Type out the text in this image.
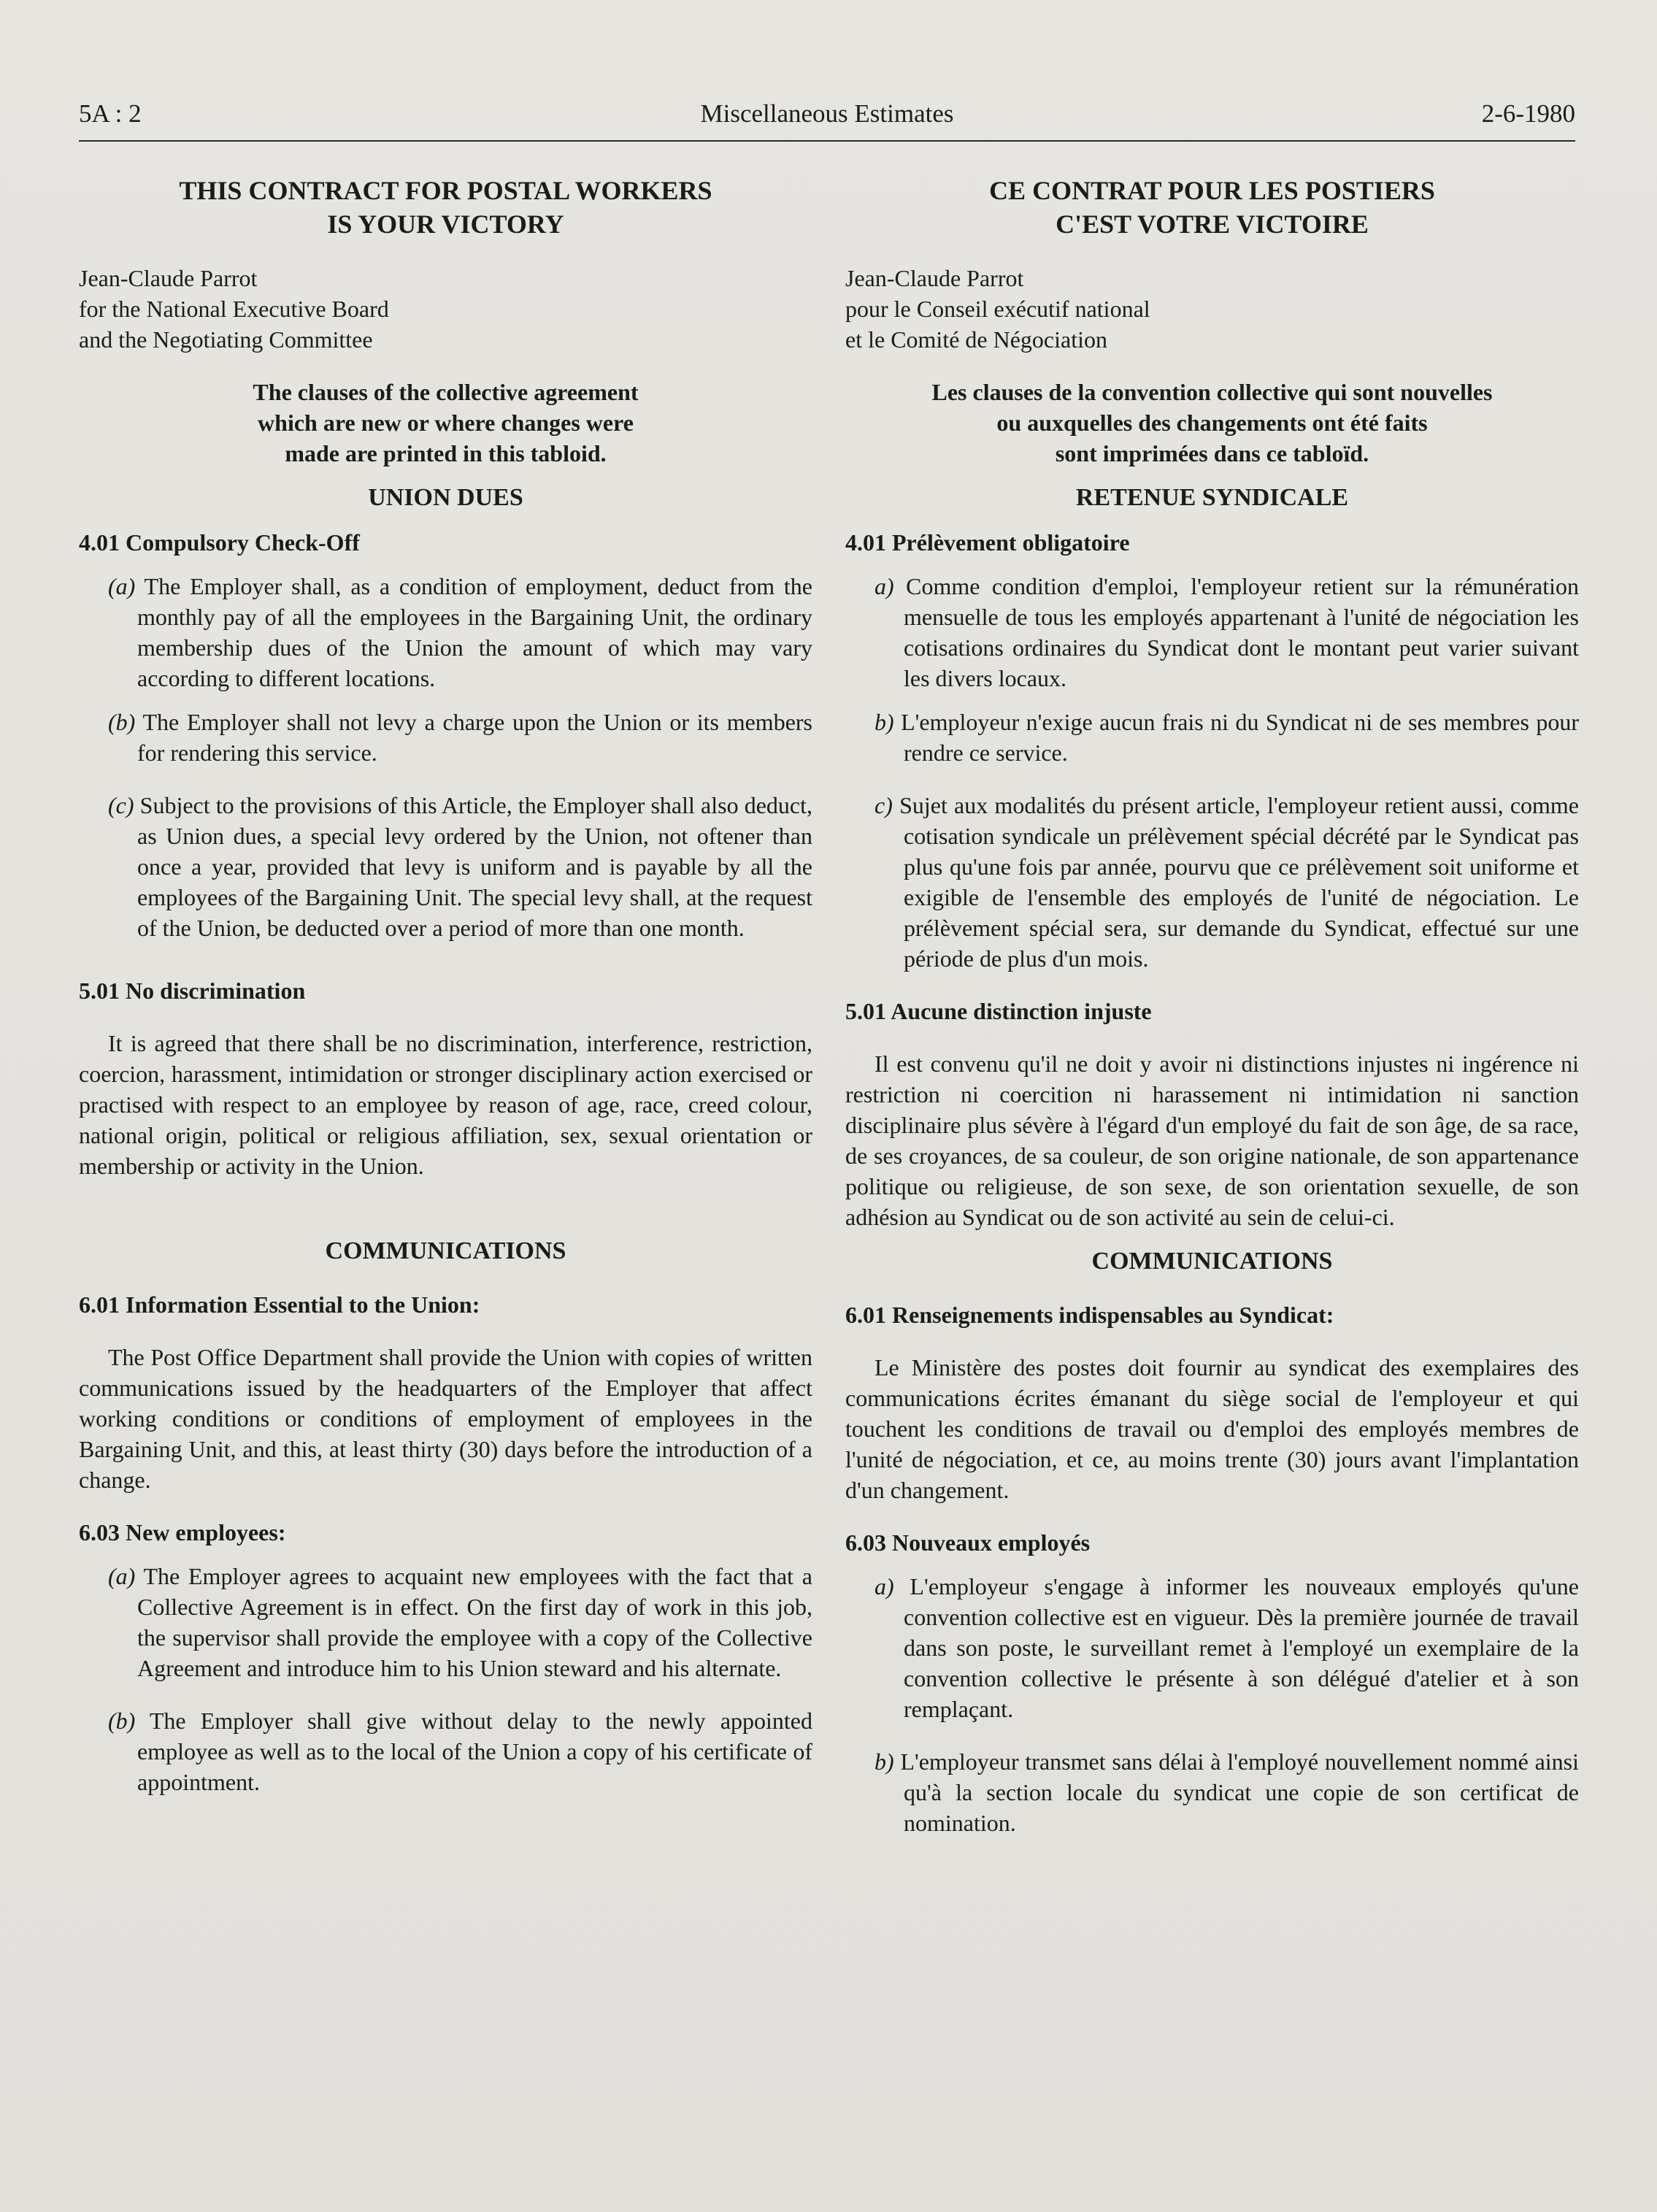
5A : 2	Miscellaneous Estimates	2-6-1980

THIS CONTRACT FOR POSTAL WORKERS

IS YOUR VICTORY

Jean-Claude Parrot

for the National Executive Board

and the Negotiating Committee

The clauses of the collective agreement

which are new or where changes were

made are printed in this tabloid.

UNION DUES

4.01 Compulsory Check-Off

(a) The Employer shall, as a condition of employment, deduct from the monthly pay of all the employees in the Bargaining Unit, the ordinary membership dues of the Union the amount of which may vary according to different locations.

(b) The Employer shall not levy a charge upon the Union or its members for rendering this service.

(c) Subject to the provisions of this Article, the Employer shall also deduct, as Union dues, a special levy ordered by the Union, not oftener than once a year, provided that levy is uniform and is payable by all the employees of the Bargaining Unit. The special levy shall, at the request of the Union, be deducted over a period of more than one month.

5.01 No discrimination

It is agreed that there shall be no discrimination, interference, restriction, coercion, harassment, intimidation or stronger disciplinary action exercised or practised with respect to an employee by reason of age, race, creed colour, national origin, political or religious affiliation, sex, sexual orientation or membership or activity in the Union.

COMMUNICATIONS

6.01 Information Essential to the Union:

The Post Office Department shall provide the Union with copies of written communications issued by the headquarters of the Employer that affect working conditions or conditions of employment of employees in the Bargaining Unit, and this, at least thirty (30) days before the introduction of a change.

6.03 New employees:

(a) The Employer agrees to acquaint new employees with the fact that a Collective Agreement is in effect. On the first day of work in this job, the supervisor shall provide the employee with a copy of the Collective Agreement and introduce him to his Union steward and his alternate.

(b) The Employer shall give without delay to the newly appointed employee as well as to the local of the Union a copy of his certificate of appointment.

CE CONTRAT POUR LES POSTIERS

C'EST VOTRE VICTOIRE

Jean-Claude Parrot

pour le Conseil exécutif national

et le Comité de Négociation

Les clauses de la convention collective qui sont nouvelles

ou auxquelles des changements ont été faits

sont imprimées dans ce tabloïd.

RETENUE SYNDICALE

4.01 Prélèvement obligatoire

a) Comme condition d'emploi, l'employeur retient sur la rémunération mensuelle de tous les employés appartenant à l'unité de négociation les cotisations ordinaires du Syndicat dont le montant peut varier suivant les divers locaux.

b) L'employeur n'exige aucun frais ni du Syndicat ni de ses membres pour rendre ce service.

c) Sujet aux modalités du présent article, l'employeur retient aussi, comme cotisation syndicale un prélèvement spécial décrété par le Syndicat pas plus qu'une fois par année, pourvu que ce prélèvement soit uniforme et exigible de l'ensemble des employés de l'unité de négociation. Le prélèvement spécial sera, sur demande du Syndicat, effectué sur une période de plus d'un mois.

5.01 Aucune distinction injuste

Il est convenu qu'il ne doit y avoir ni distinctions injustes ni ingérence ni restriction ni coercition ni harassement ni intimidation ni sanction disciplinaire plus sévère à l'égard d'un employé du fait de son âge, de sa race, de ses croyances, de sa couleur, de son origine nationale, de son appartenance politique ou religieuse, de son sexe, de son orientation sexuelle, de son adhésion au Syndicat ou de son activité au sein de celui-ci.

COMMUNICATIONS

6.01 Renseignements indispensables au Syndicat:

Le Ministère des postes doit fournir au syndicat des exemplaires des communications écrites émanant du siège social de l'employeur et qui touchent les conditions de travail ou d'emploi des employés membres de l'unité de négociation, et ce, au moins trente (30) jours avant l'implantation d'un changement.

6.03 Nouveaux employés

a) L'employeur s'engage à informer les nouveaux employés qu'une convention collective est en vigueur. Dès la première journée de travail dans son poste, le surveillant remet à l'employé un exemplaire de la convention collective le présente à son délégué d'atelier et à son remplaçant.

b) L'employeur transmet sans délai à l'employé nouvellement nommé ainsi qu'à la section locale du syndicat une copie de son certificat de nomination.
